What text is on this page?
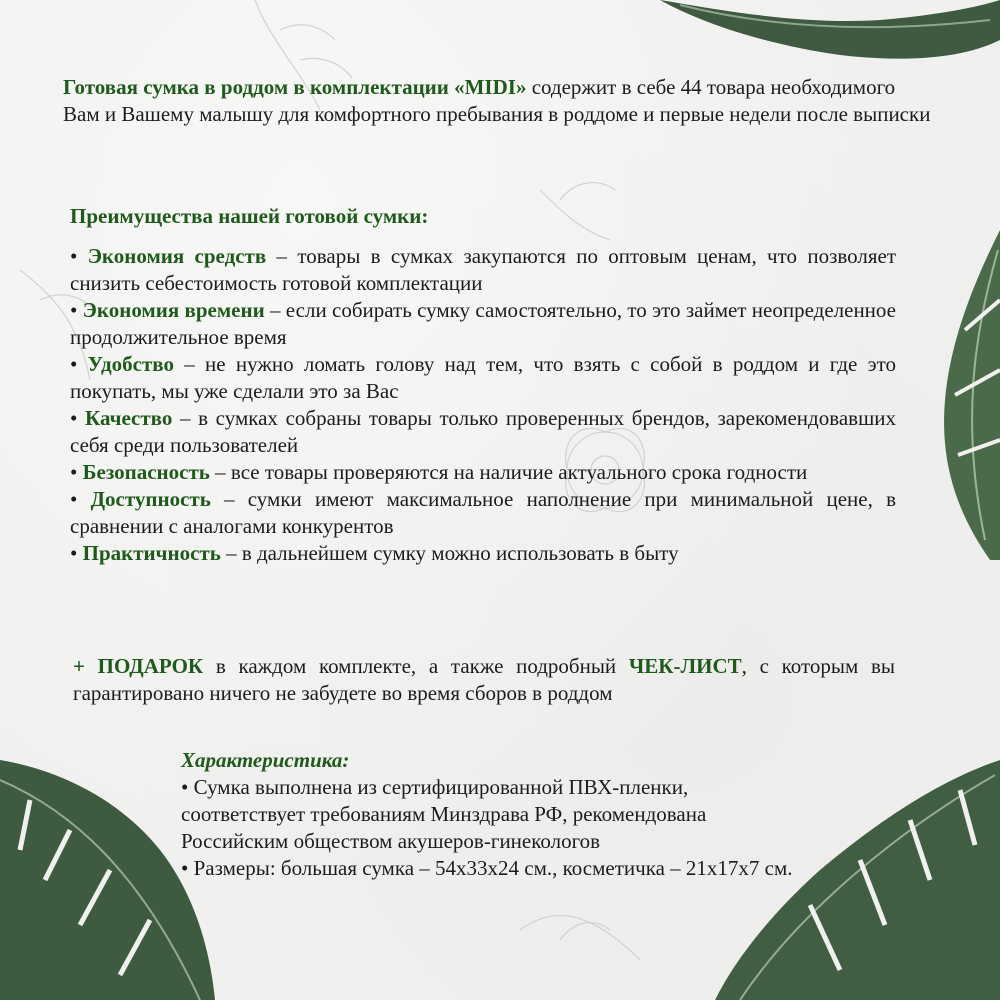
Готовая сумка в роддом в комплектации «MIDI» содержит в себе 44 товара необходимого Вам и Вашему малышу для комфортного пребывания в роддоме и первые недели после выписки

Преимущества нашей готовой сумки:

• Экономия средств – товары в сумках закупаются по оптовым ценам, что позволяет снизить себестоимость готовой комплектации

• Экономия времени – если собирать сумку самостоятельно, то это займет неопределенное продолжительное время

• Удобство – не нужно ломать голову над тем, что взять с собой в роддом и где это покупать, мы уже сделали это за Вас

• Качество – в сумках собраны товары только проверенных брендов, зарекомендовавших себя среди пользователей

• Безопасность – все товары проверяются на наличие актуального срока годности

• Доступность – сумки имеют максимальное наполнение при минимальной цене, в сравнении с аналогами конкурентов

• Практичность – в дальнейшем сумку можно использовать в быту

+ ПОДАРОК в каждом комплекте, а также подробный ЧЕК-ЛИСТ, с которым вы гарантировано ничего не забудете во время сборов в роддом

Характеристика:

• Сумка выполнена из сертифицированной ПВХ-пленки, соответствует требованиям Минздрава РФ, рекомендована Российским обществом акушеров-гинекологов

• Размеры: большая сумка – 54х33х24 см., косметичка – 21х17х7 см.
